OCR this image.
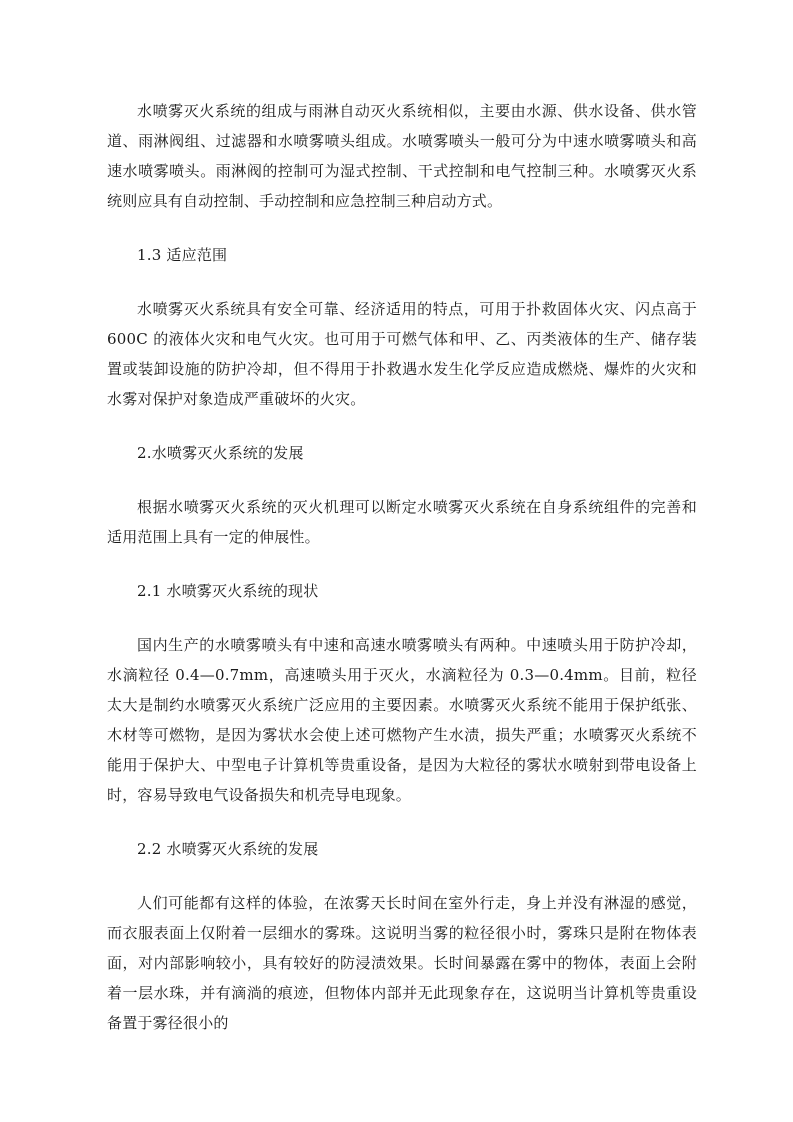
水喷雾灭火系统的组成与雨淋自动灭火系统相似，主要由水源、供水设备、供水管道、雨淋阀组、过滤器和水喷雾喷头组成。水喷雾喷头一般可分为中速水喷雾喷头和高速水喷雾喷头。雨淋阀的控制可为湿式控制、干式控制和电气控制三种。水喷雾灭火系统则应具有自动控制、手动控制和应急控制三种启动方式。

1.3 适应范围

水喷雾灭火系统具有安全可靠、经济适用的特点，可用于扑救固体火灾、闪点高于 600C 的液体火灾和电气火灾。也可用于可燃气体和甲、乙、丙类液体的生产、储存装置或装卸设施的防护冷却，但不得用于扑救遇水发生化学反应造成燃烧、爆炸的火灾和水雾对保护对象造成严重破坏的火灾。

2.水喷雾灭火系统的发展

根据水喷雾灭火系统的灭火机理可以断定水喷雾灭火系统在自身系统组件的完善和适用范围上具有一定的伸展性。

2.1 水喷雾灭火系统的现状

国内生产的水喷雾喷头有中速和高速水喷雾喷头有两种。中速喷头用于防护冷却，水滴粒径 0.4—0.7mm，高速喷头用于灭火，水滴粒径为 0.3—0.4mm。目前，粒径太大是制约水喷雾灭火系统广泛应用的主要因素。水喷雾灭火系统不能用于保护纸张、木材等可燃物，是因为雾状水会使上述可燃物产生水渍，损失严重；水喷雾灭火系统不能用于保护大、中型电子计算机等贵重设备，是因为大粒径的雾状水喷射到带电设备上时，容易导致电气设备损失和机壳导电现象。

2.2 水喷雾灭火系统的发展

人们可能都有这样的体验，在浓雾天长时间在室外行走，身上并没有淋湿的感觉，而衣服表面上仅附着一层细水的雾珠。这说明当雾的粒径很小时，雾珠只是附在物体表面，对内部影响较小，具有较好的防浸渍效果。长时间暴露在雾中的物体，表面上会附着一层水珠，并有滴淌的痕迹，但物体内部并无此现象存在，这说明当计算机等贵重设备置于雾径很小的
